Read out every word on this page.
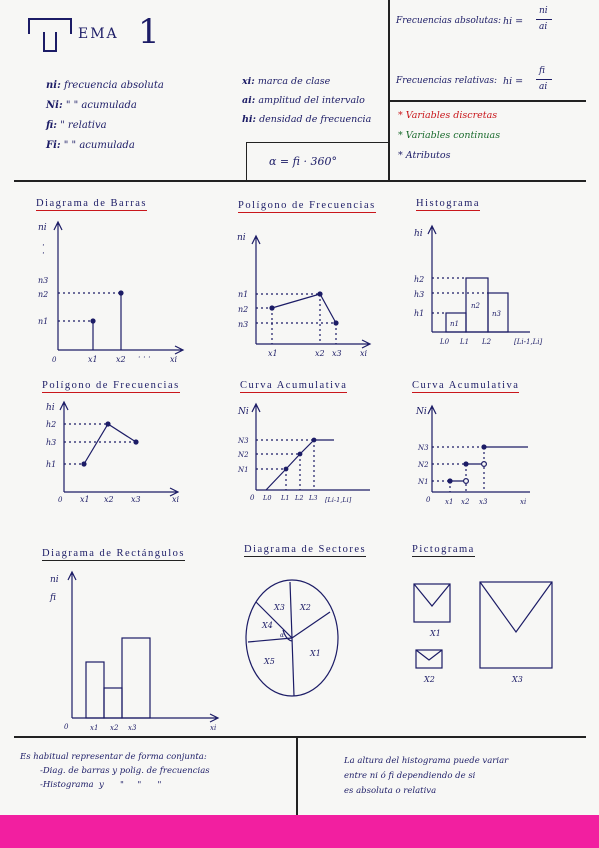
EMA 1
ni: frecuencia absoluta
Ni: " " acumulada
fi: " relativa
Fi: " " acumulada
xi: marca de clase
ai: amplitud del intervalo
hi: densidad de frecuencia
α = fi · 360°
Frecuencias absolutas: hi =
ni
ai
Frecuencias relativas: hi =
fi
ai
* Variables discretas
* Variables continuas
* Atributos
Diagrama de Barras	Polígono de Frecuencias	Histograma
Polígono de Frecuencias	Curva Acumulativa	Curva Acumulativa
Diagrama de Rectángulos	Diagrama de Sectores	Pictograma
ni
·
·
n3
n2
n1
0	x1 x2 · · · xi
ni
n1
n2
n3
x1	x2 x3 xi
hi
h2
h3
h1
n1
n2
n3
L0 L1 L2	[Li-1,Li]
hi
h2
h3
h1
0 x1 x2 x3	xi
Ni
N3
N2
N1
0 L0 L1 L2 L3 [Li-1,Li]
Ni
N3
N2
N1
0 x1 x2 x3	xi
ni
fi
0	x1 x2 x3	xi
X3 X2
X4
X1
X5
α	X1
X2	X3
Es habitual representar de forma conjunta:
-Diag. de barras y polig. de frecuencias
-Histograma  y      "     "      "
La altura del histograma puede variar
entre ni ó fi dependiendo de si
es absoluta o relativa
